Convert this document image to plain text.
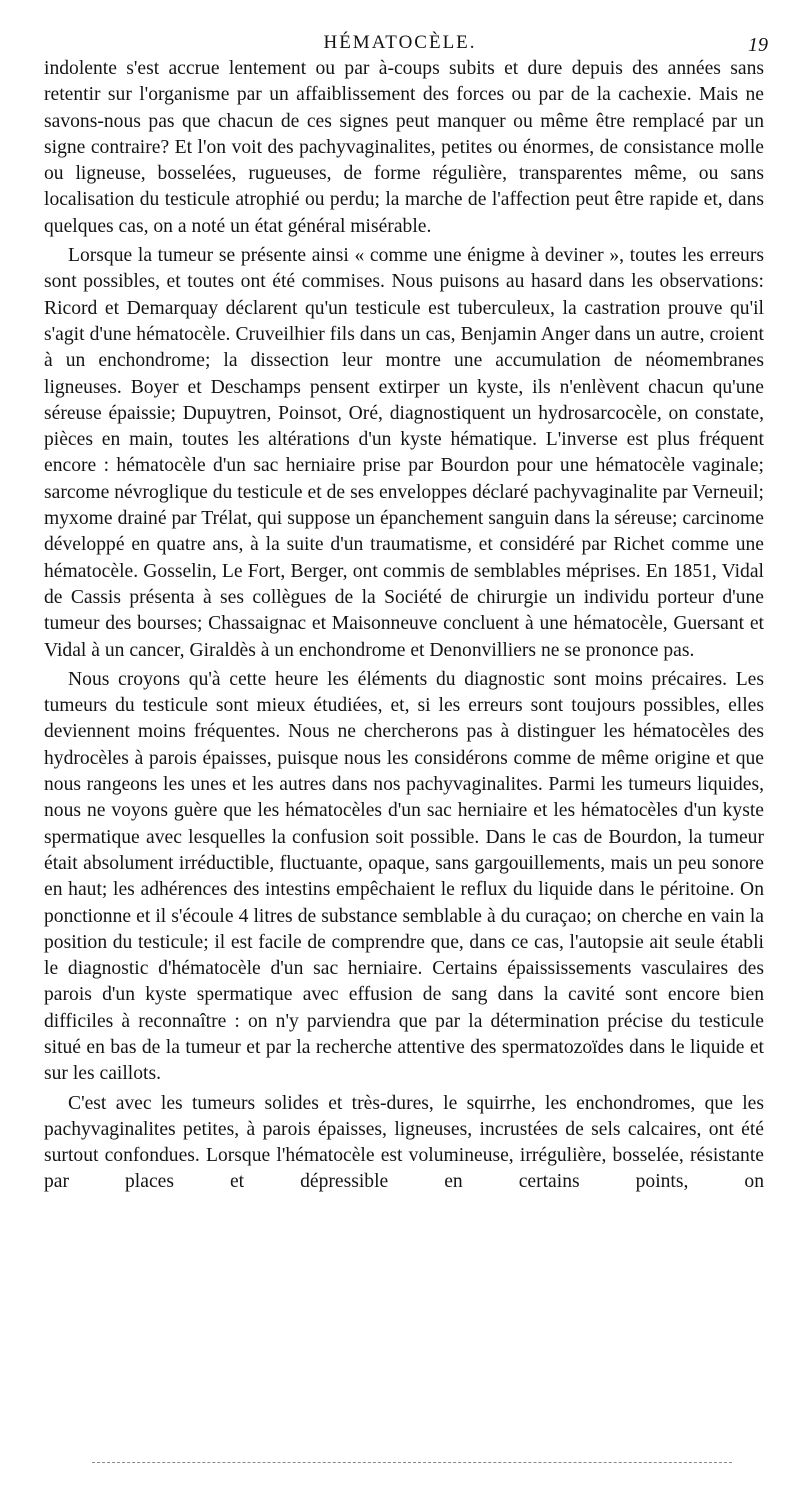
HÉMATOCÈLE.	19

indolente s'est accrue lentement ou par à-coups subits et dure depuis des années sans retentir sur l'organisme par un affaiblissement des forces ou par de la cachexie. Mais ne savons-nous pas que chacun de ces signes peut manquer ou même être remplacé par un signe contraire? Et l'on voit des pachyvaginalites, petites ou énormes, de consistance molle ou ligneuse, bosselées, rugueuses, de forme régulière, transparentes même, ou sans localisation du testicule atrophié ou perdu; la marche de l'affection peut être rapide et, dans quelques cas, on a noté un état général misérable.

Lorsque la tumeur se présente ainsi « comme une énigme à deviner », toutes les erreurs sont possibles, et toutes ont été commises. Nous puisons au hasard dans les observations: Ricord et Demarquay déclarent qu'un testicule est tuberculeux, la castration prouve qu'il s'agit d'une hématocèle. Cruveilhier fils dans un cas, Benjamin Anger dans un autre, croient à un enchondrome; la dissection leur montre une accumulation de néomembranes ligneuses. Boyer et Deschamps pensent extirper un kyste, ils n'enlèvent chacun qu'une séreuse épaissie; Dupuytren, Poinsot, Oré, diagnostiquent un hydrosarcocèle, on constate, pièces en main, toutes les altérations d'un kyste hématique. L'inverse est plus fréquent encore : hématocèle d'un sac herniaire prise par Bourdon pour une hématocèle vaginale; sarcome névroglique du testicule et de ses enveloppes déclaré pachyvaginalite par Verneuil; myxome drainé par Trélat, qui suppose un épanchement sanguin dans la séreuse; carcinome développé en quatre ans, à la suite d'un traumatisme, et considéré par Richet comme une hématocèle. Gosselin, Le Fort, Berger, ont commis de semblables méprises. En 1851, Vidal de Cassis présenta à ses collègues de la Société de chirurgie un individu porteur d'une tumeur des bourses; Chassaignac et Maisonneuve concluent à une hématocèle, Guersant et Vidal à un cancer, Giraldès à un enchondrome et Denonvilliers ne se prononce pas.

Nous croyons qu'à cette heure les éléments du diagnostic sont moins précaires. Les tumeurs du testicule sont mieux étudiées, et, si les erreurs sont toujours possibles, elles deviennent moins fréquentes. Nous ne chercherons pas à distinguer les hématocèles des hydrocèles à parois épaisses, puisque nous les considérons comme de même origine et que nous rangeons les unes et les autres dans nos pachyvaginalites. Parmi les tumeurs liquides, nous ne voyons guère que les hématocèles d'un sac herniaire et les hématocèles d'un kyste spermatique avec lesquelles la confusion soit possible. Dans le cas de Bourdon, la tumeur était absolument irréductible, fluctuante, opaque, sans gargouillements, mais un peu sonore en haut; les adhérences des intestins empêchaient le reflux du liquide dans le péritoine. On ponctionne et il s'écoule 4 litres de substance semblable à du curaçao; on cherche en vain la position du testicule; il est facile de comprendre que, dans ce cas, l'autopsie ait seule établi le diagnostic d'hématocèle d'un sac herniaire. Certains épaississements vasculaires des parois d'un kyste spermatique avec effusion de sang dans la cavité sont encore bien difficiles à reconnaître : on n'y parviendra que par la détermination précise du testicule situé en bas de la tumeur et par la recherche attentive des spermatozoïdes dans le liquide et sur les caillots.

C'est avec les tumeurs solides et très-dures, le squirrhe, les enchondromes, que les pachyvaginalites petites, à parois épaisses, ligneuses, incrustées de sels calcaires, ont été surtout confondues. Lorsque l'hématocèle est volumineuse, irrégulière, bosselée, résistante par places et dépressible en certains points, on
